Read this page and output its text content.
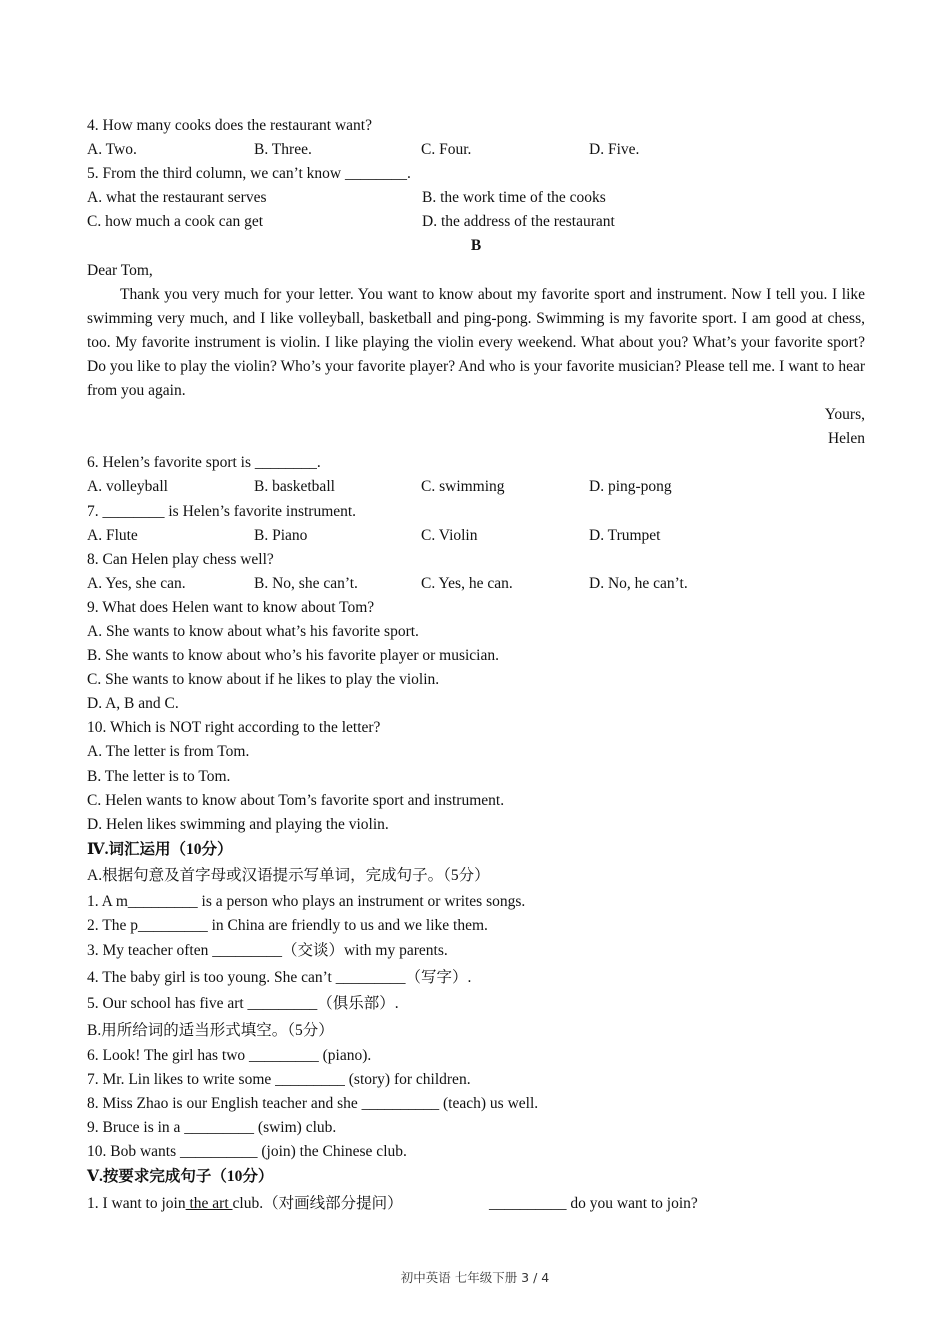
4. How many cooks does the restaurant want?
A. Two.	B. Three.	C. Four.	D. Five.
5. From the third column, we can’t know ________.
A. what the restaurant serves	B. the work time of the cooks
C. how much a cook can get	D. the address of the restaurant
B
Dear Tom,
Thank you very much for your letter. You want to know about my favorite sport and instrument. Now I tell you. I like swimming very much, and I like volleyball, basketball and ping-pong. Swimming is my favorite sport. I am good at chess, too. My favorite instrument is violin. I like playing the violin every weekend. What about you? What’s your favorite sport? Do you like to play the violin? Who’s your favorite player? And who is your favorite musician? Please tell me. I want to hear from you again.
Yours,
Helen
6. Helen’s favorite sport is ________.
A. volleyball	B. basketball	C. swimming	D. ping-pong
7. ________ is Helen’s favorite instrument.
A. Flute	B. Piano	C. Violin	D. Trumpet
8. Can Helen play chess well?
A. Yes, she can.	B. No, she can’t.	C. Yes, he can.	D. No, he can’t.
9. What does Helen want to know about Tom?
A. She wants to know about what’s his favorite sport.
B. She wants to know about who’s his favorite player or musician.
C. She wants to know about if he likes to play the violin.
D. A, B and C.
10. Which is NOT right according to the letter?
A. The letter is from Tom.
B. The letter is to Tom.
C. Helen wants to know about Tom’s favorite sport and instrument.
D. Helen likes swimming and playing the violin.
Ⅳ.词汇运用（10分）
A.根据句意及首字母或汉语提示写单词，完成句子。（5分）
1. A m_________ is a person who plays an instrument or writes songs.
2. The p_________ in China are friendly to us and we like them.
3. My teacher often _________（交谈）with my parents.
4. The baby girl is too young. She can’t _________（写字）.
5. Our school has five art _________（俱乐部）.
B.用所给词的适当形式填空。（5分）
6. Look! The girl has two _________ (piano).
7. Mr. Lin likes to write some _________ (story) for children.
8. Miss Zhao is our English teacher and she __________ (teach) us well.
9. Bruce is in a _________ (swim) club.
10. Bob wants __________ (join) the Chinese club.
Ⅴ.按要求完成句子（10分）
1. I want to join the art club.（对画线部分提问）	__________ do you want to join?
初中英语 七年级下册 3 / 4
